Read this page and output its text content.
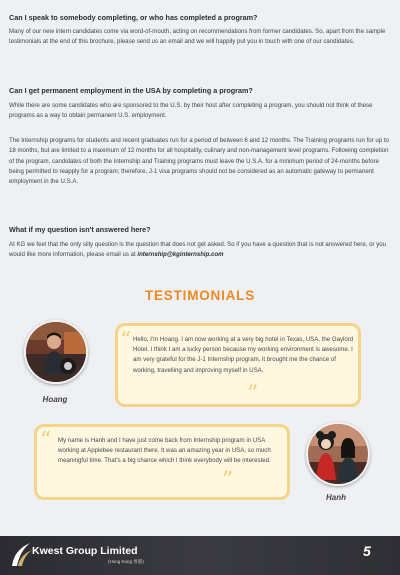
Can I speak to somebody completing, or who has completed a program?

Many of our new intern candidates come via word-of-mouth, acting on recommendations from former candidates. So, apart from the sample testimonials at the end of this brochure, please send us an email and we will happily put you in touch with one of our candidates.

Can I get permanent employment in the USA by completing a program?

While there are some candidates who are sponsored to the U.S. by their host after completing a program, you should not think of these programs as a way to obtain permanent U.S. employment.

The Internship programs for students and recent graduates run for a period of between 6 and 12 months. The Training programs run for up to 18 months, but are limited to a maximum of 12 months for all hospitality, culinary and non-management level programs. Following completion of the program, candidates of both the Internship and Training programs must leave the U.S.A. for a minimum period of 24-months before being permitted to reapply for a program; therefore, J-1 visa programs should not be considered as an automatic gateway to permanent employment in the U.S.A.

What if my question isn't answered here?

At KG we feel that the only silly question is the question that does not get asked. So if you have a question that is not answered here, or you would like more information, please email us at internship@kginternship.com

TESTIMONIALS
Hoang
“ Hello, I'm Hoang. I am now working at a very big hotel in Texas, USA, the Gaylord Hotel. I think I am a lucky person because my working environment is awesome. I am very grateful for the J-1 Internship program, it brought me the chance of working, travelling and improving myself in USA.

”
“ My name is Hanh and I have just come back from Internship program in USA working at Applebee restaurant there. It was an amazing year in USA, so much meaningful time. That's a big chance which I think everybody will be interested.

”
Hanh
Kwest Group Limited
(Hong Kong 香港)
5
